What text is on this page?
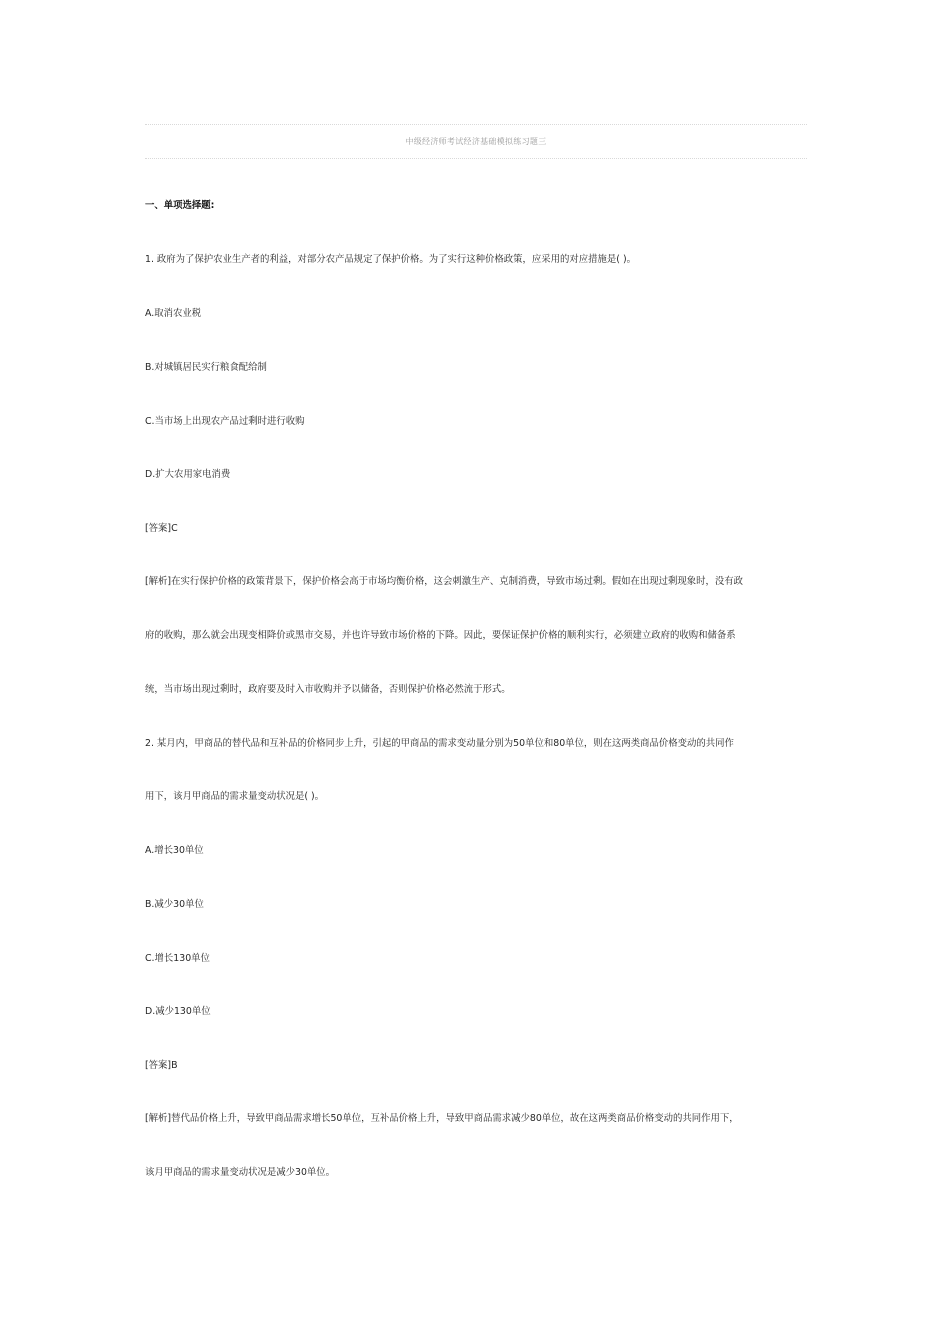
中级经济师考试经济基础模拟练习题三
一、单项选择题:
1. 政府为了保护农业生产者的利益，对部分农产品规定了保护价格。为了实行这种价格政策，应采用的对应措施是( )。
A.取消农业税
B.对城镇居民实行粮食配给制
C.当市场上出现农产品过剩时进行收购
D.扩大农用家电消费
[答案]C
[解析]在实行保护价格的政策背景下，保护价格会高于市场均衡价格，这会刺激生产、克制消费，导致市场过剩。假如在出现过剩现象时，没有政
府的收购，那么就会出现变相降价或黑市交易，并也许导致市场价格的下降。因此，要保证保护价格的顺利实行，必须建立政府的收购和储备系
统，当市场出现过剩时，政府要及时入市收购并予以储备，否则保护价格必然流于形式。
2. 某月内，甲商品的替代品和互补品的价格同步上升，引起的甲商品的需求变动量分别为50单位和80单位，则在这两类商品价格变动的共同作
用下，该月甲商品的需求量变动状况是( )。
A.增长30单位
B.减少30单位
C.增长130单位
D.减少130单位
[答案]B
[解析]替代品价格上升，导致甲商品需求增长50单位，互补品价格上升，导致甲商品需求减少80单位，故在这两类商品价格变动的共同作用下，
该月甲商品的需求量变动状况是减少30单位。
